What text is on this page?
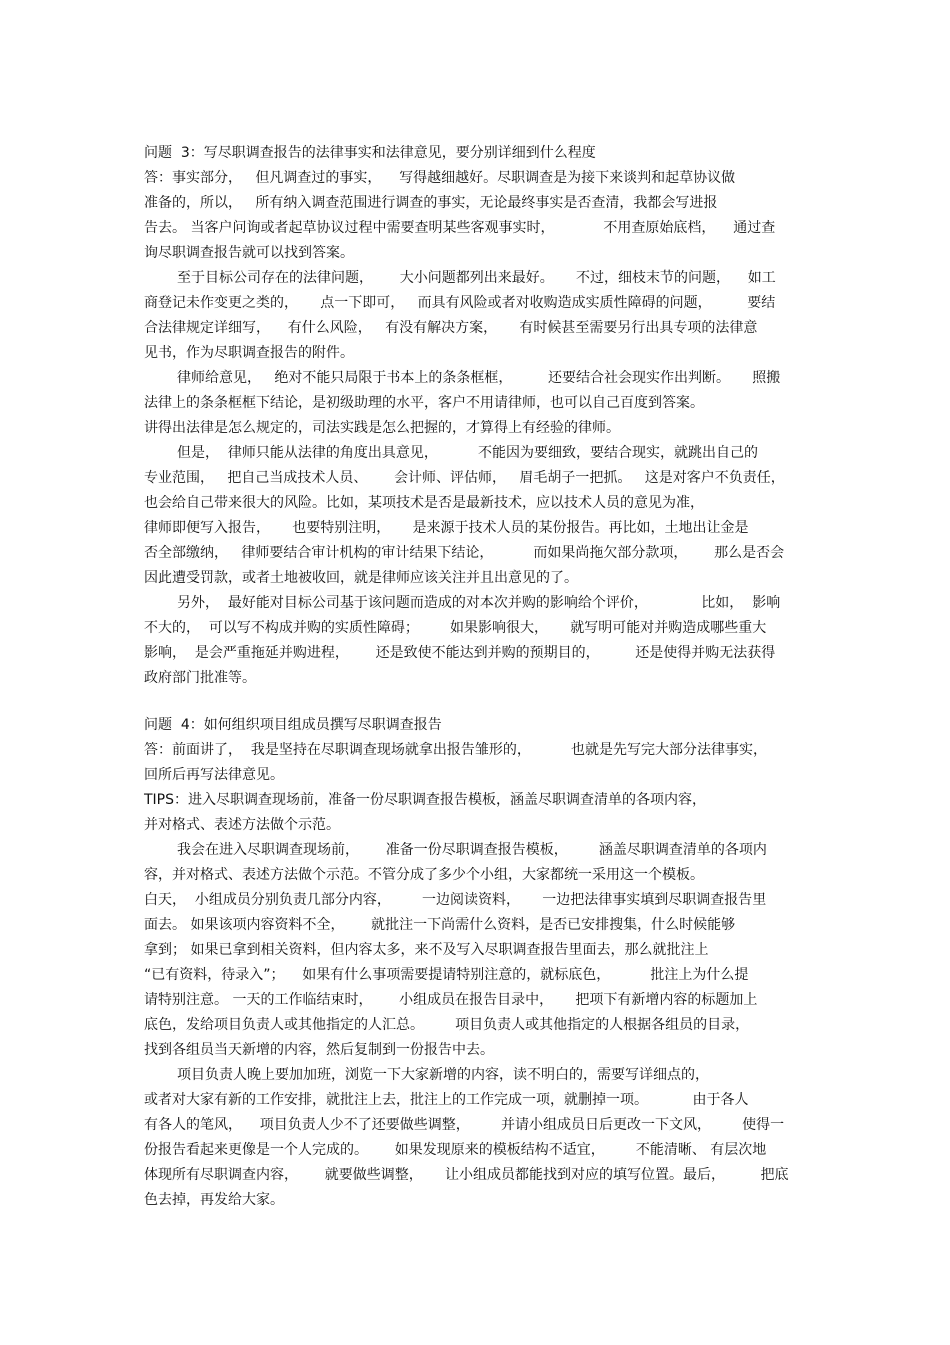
问题  3：写尽职调查报告的法律事实和法律意见，要分别详细到什么程度

答：事实部分，   但凡调查过的事实，    写得越细越好。尽职调查是为接下来谈判和起草协议做

准备的，所以，   所有纳入调查范围进行调查的事实，无论最终事实是否查清，我都会写进报

告去。 当客户问询或者起草协议过程中需要查明某些客观事实时，           不用查原始底档，    通过查

询尽职调查报告就可以找到答案。

至于目标公司存在的法律问题，      大小问题都列出来最好。     不过，细枝末节的问题，    如工

商登记未作变更之类的，     点一下即可，   而具有风险或者对收购造成实质性障碍的问题，        要结

合法律规定详细写，    有什么风险，   有没有解决方案，     有时候甚至需要另行出具专项的法律意

见书，作为尽职调查报告的附件。

律师给意见，   绝对不能只局限于书本上的条条框框，        还要结合社会现实作出判断。     照搬

法律上的条条框框下结论，是初级助理的水平，客户不用请律师，也可以自己百度到答案。

讲得出法律是怎么规定的，司法实践是怎么把握的，才算得上有经验的律师。

但是，  律师只能从法律的角度出具意见，         不能因为要细致，要结合现实，就跳出自己的

专业范围，   把自己当成技术人员、      会计师、评估师，   眉毛胡子一把抓。   这是对客户不负责任，

也会给自己带来很大的风险。比如，某项技术是否是最新技术，应以技术人员的意见为准，

律师即便写入报告，     也要特别注明，     是来源于技术人员的某份报告。再比如，土地出让金是

否全部缴纳，   律师要结合审计机构的审计结果下结论，         而如果尚拖欠部分款项，      那么是否会

因此遭受罚款，或者土地被收回，就是律师应该关注并且出意见的了。

另外，  最好能对目标公司基于该问题而造成的对本次并购的影响给个评价，            比如，  影响

不大的，  可以写不构成并购的实质性障碍；       如果影响很大，     就写明可能对并购造成哪些重大

影响，  是会严重拖延并购进程，      还是致使不能达到并购的预期目的，        还是使得并购无法获得

政府部门批准等。

问题  4：如何组织项目组成员撰写尽职调查报告

答：前面讲了，  我是坚持在尽职调查现场就拿出报告雏形的，         也就是先写完大部分法律事实，

回所后再写法律意见。

TIPS：进入尽职调查现场前，准备一份尽职调查报告模板，涵盖尽职调查清单的各项内容，

并对格式、表述方法做个示范。

我会在进入尽职调查现场前，      准备一份尽职调查报告模板，       涵盖尽职调查清单的各项内

容，并对格式、表述方法做个示范。不管分成了多少个小组，大家都统一采用这一个模板。

白天，  小组成员分别负责几部分内容，       一边阅读资料，     一边把法律事实填到尽职调查报告里

面去。 如果该项内容资料不全，      就批注一下尚需什么资料，是否已安排搜集，什么时候能够

拿到； 如果已拿到相关资料，但内容太多，来不及写入尽职调查报告里面去，那么就批注上

“已有资料，待录入”；    如果有什么事项需要提请特别注意的，就标底色，         批注上为什么提

请特别注意。 一天的工作临结束时，      小组成员在报告目录中，     把项下有新增内容的标题加上

底色，发给项目负责人或其他指定的人汇总。       项目负责人或其他指定的人根据各组员的目录，

找到各组员当天新增的内容，然后复制到一份报告中去。

项目负责人晚上要加加班，浏览一下大家新增的内容，读不明白的，需要写详细点的，

或者对大家有新的工作安排，就批注上去，批注上的工作完成一项，就删掉一项。          由于各人

有各人的笔风，    项目负责人少不了还要做些调整，       并请小组成员日后更改一下文风，       使得一

份报告看起来更像是一个人完成的。      如果发现原来的模板结构不适宜，       不能清晰、 有层次地

体现所有尽职调查内容，      就要做些调整，     让小组成员都能找到对应的填写位置。最后，        把底

色去掉，再发给大家。
